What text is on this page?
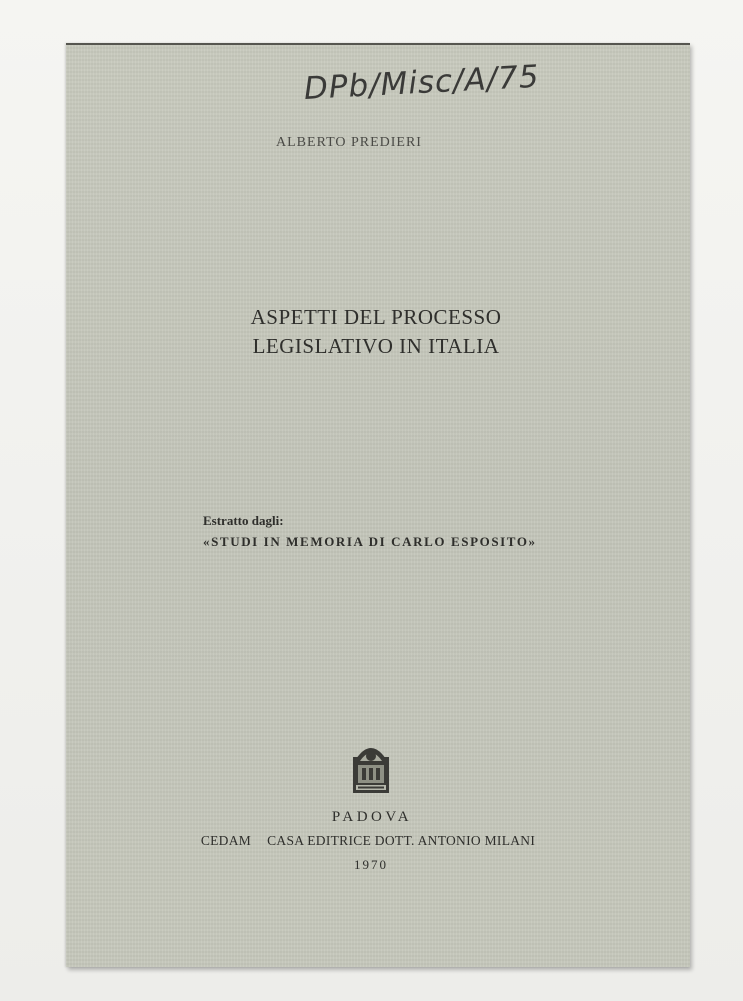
DPb/Misc/A/75
ALBERTO PREDIERI
ASPETTI DEL PROCESSO
LEGISLATIVO IN ITALIA
Estratto dagli:
«STUDI IN MEMORIA DI CARLO ESPOSITO»
PADOVA
CEDAM CASA EDITRICE DOTT. ANTONIO MILANI
1970
